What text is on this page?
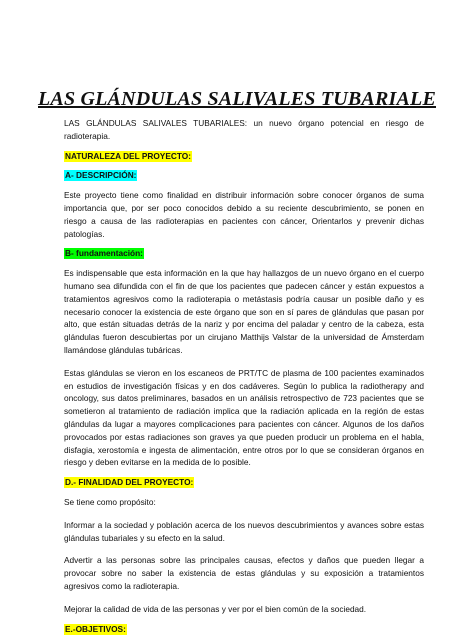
LAS GLÁNDULAS SALIVALES TUBARIALE

LAS GLÁNDULAS SALIVALES TUBARIALES: un nuevo órgano potencial en riesgo de radioterapia.

NATURALEZA DEL PROYECTO:
A- DESCRIPCIÓN:

Este proyecto tiene como finalidad en distribuir información sobre conocer órganos de suma importancia que, por ser poco conocidos debido a su reciente descubrimiento, se ponen en riesgo a causa de las radioterapias en pacientes con cáncer, Orientarlos y prevenir dichas patologías.

B- fundamentación:

Es indispensable que esta información en la que hay hallazgos de un nuevo órgano en el cuerpo humano sea difundida con el fin de que los pacientes que padecen cáncer y están expuestos a tratamientos agresivos como la radioterapia o metástasis podría causar un posible daño y es necesario conocer la existencia de este órgano que son en sí pares de glándulas que pasan por alto, que están situadas detrás de la nariz y por encima del paladar y centro de la cabeza, esta glándulas fueron descubiertas por un cirujano Matthijs Valstar de la universidad de Ámsterdam llamándose glándulas tubáricas.

Estas glándulas se vieron en los escaneos de PRT/TC de plasma de 100 pacientes examinados en estudios de investigación físicas y en dos cadáveres. Según lo publica la radiotherapy and oncology, sus datos preliminares, basados en un análisis retrospectivo de 723 pacientes que se sometieron al tratamiento de radiación implica que la radiación aplicada en la región de estas glándulas da lugar a mayores complicaciones para pacientes con cáncer. Algunos de los daños provocados por estas radiaciones son graves ya que pueden producir un problema en el habla, disfagia, xerostomía e ingesta de alimentación, entre otros por lo que se consideran órganos en riesgo y deben evitarse en la medida de lo posible.

D.- FINALIDAD DEL PROYECTO:

Se tiene como propósito:

Informar a la sociedad y población acerca de los nuevos descubrimientos y avances sobre estas glándulas tubariales y su efecto en la salud.

Advertir a las personas sobre las principales causas, efectos y daños que pueden llegar a provocar sobre no saber la existencia de estas glándulas y su exposición a tratamientos agresivos como la radioterapia.

Mejorar la calidad de vida de las personas y ver por el bien común de la sociedad.

E.-OBJETIVOS:
